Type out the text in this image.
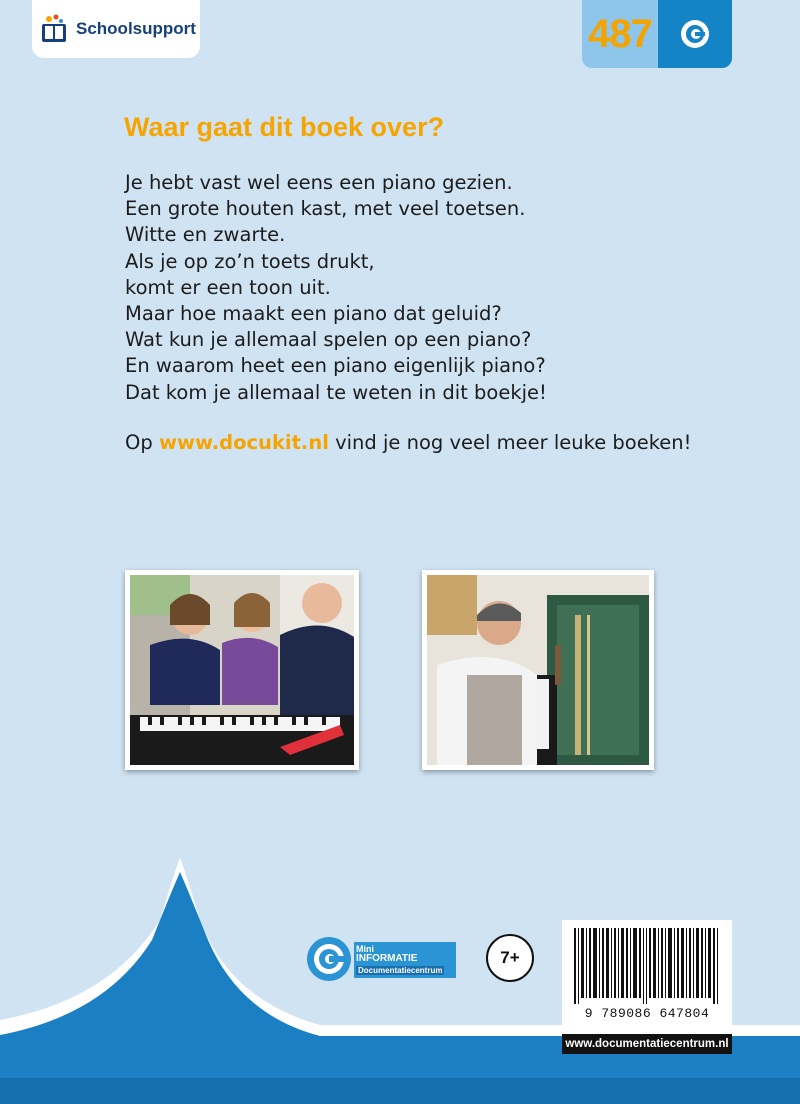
Schoolsupport	487
Waar gaat dit boek over?
Je hebt vast wel eens een piano gezien.
Een grote houten kast, met veel toetsen.
Witte en zwarte.
Als je op zo’n toets drukt,
komt er een toon uit.
Maar hoe maakt een piano dat geluid?
Wat kun je allemaal spelen op een piano?
En waarom heet een piano eigenlijk piano?
Dat kom je allemaal te weten in dit boekje!

Op www.docukit.nl vind je nog veel meer leuke boeken!

Mini
INFORMATIE
Documentatiecentrum
7+
9 789086 647804
www.documentatiecentrum.nl
